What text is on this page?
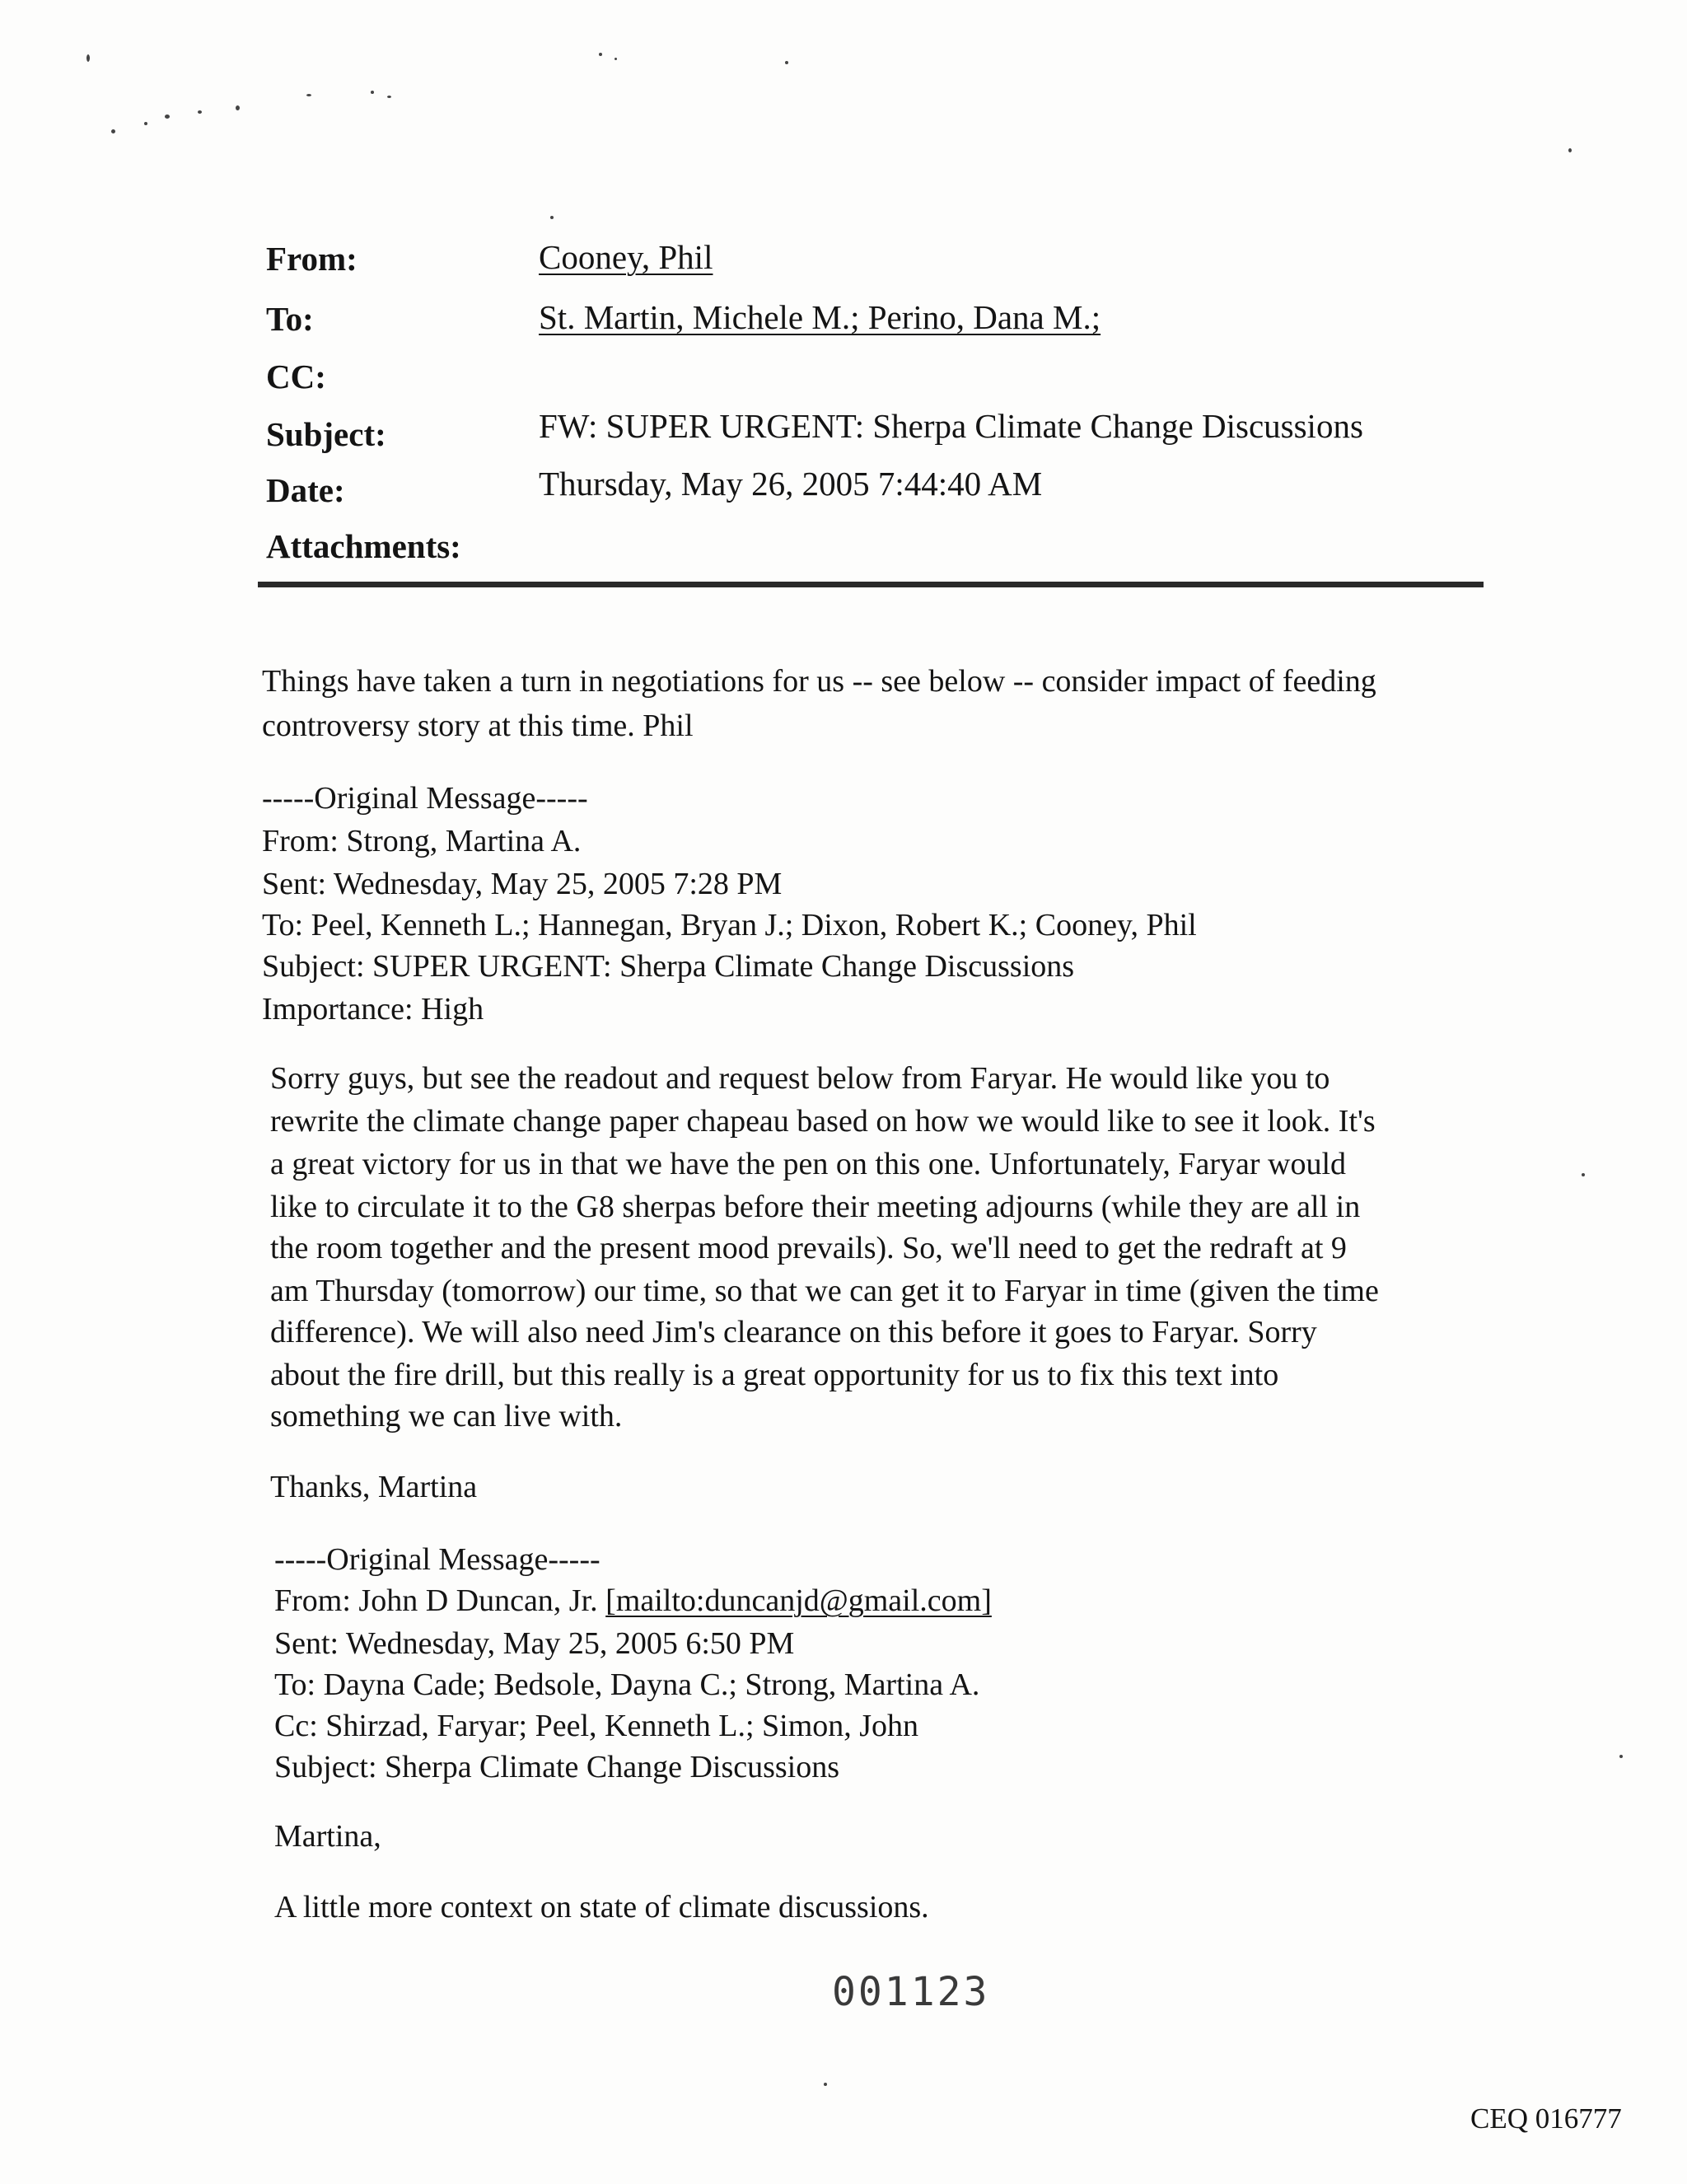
From:
To:
CC:
Subject:
Date:
Attachments:
Cooney, Phil
St. Martin, Michele M.; Perino, Dana M.;
FW: SUPER URGENT: Sherpa Climate Change Discussions
Thursday, May 26, 2005 7:44:40 AM
Things have taken a turn in negotiations for us -- see below -- consider impact of feeding
controversy story at this time. Phil
-----Original Message-----
From: Strong, Martina A.
Sent: Wednesday, May 25, 2005 7:28 PM
To: Peel, Kenneth L.; Hannegan, Bryan J.; Dixon, Robert K.; Cooney, Phil
Subject: SUPER URGENT: Sherpa Climate Change Discussions
Importance: High
Sorry guys, but see the readout and request below from Faryar. He would like you to
rewrite the climate change paper chapeau based on how we would like to see it look. It's
a great victory for us in that we have the pen on this one. Unfortunately, Faryar would
like to circulate it to the G8 sherpas before their meeting adjourns (while they are all in
the room together and the present mood prevails). So, we'll need to get the redraft at 9
am Thursday (tomorrow) our time, so that we can get it to Faryar in time (given the time
difference). We will also need Jim's clearance on this before it goes to Faryar. Sorry
about the fire drill, but this really is a great opportunity for us to fix this text into
something we can live with.
Thanks, Martina
-----Original Message-----
From: John D Duncan, Jr. [mailto:duncanjd@gmail.com]
Sent: Wednesday, May 25, 2005 6:50 PM
To: Dayna Cade; Bedsole, Dayna C.; Strong, Martina A.
Cc: Shirzad, Faryar; Peel, Kenneth L.; Simon, John
Subject: Sherpa Climate Change Discussions
Martina,
A little more context on state of climate discussions.
001123
CEQ 016777
